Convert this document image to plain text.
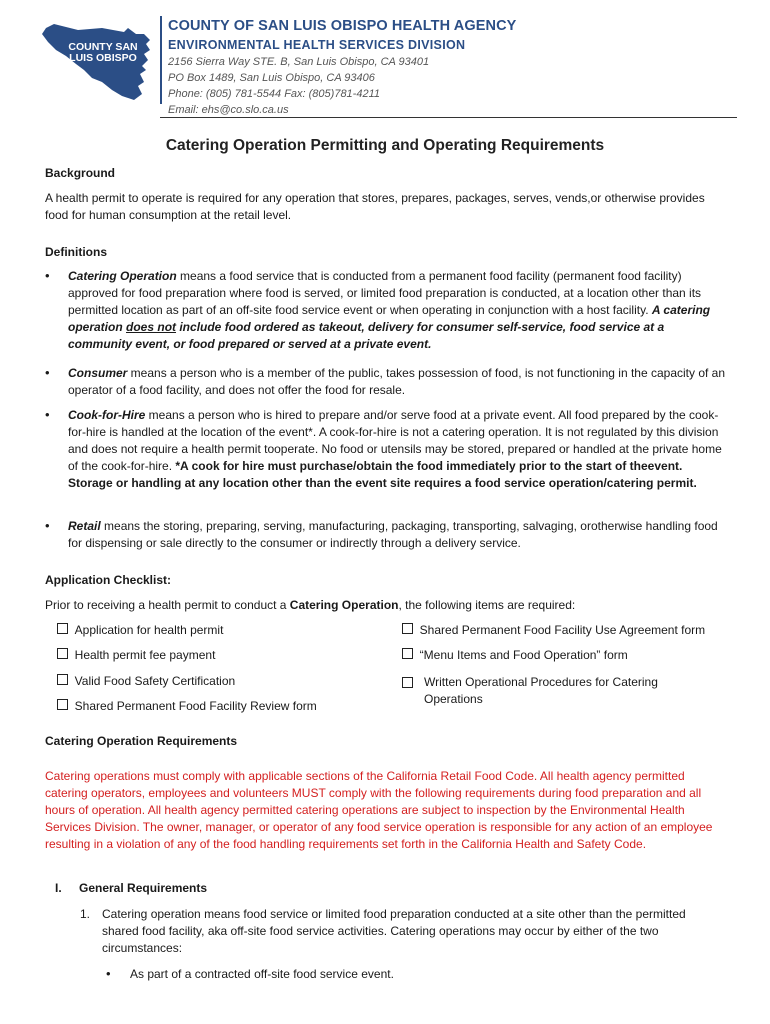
COUNTY SAN LUIS OBISPO
COUNTY OF SAN LUIS OBISPO HEALTH AGENCY
ENVIRONMENTAL HEALTH SERVICES DIVISION
2156 Sierra Way STE. B, San Luis Obispo, CA 93401
PO Box 1489, San Luis Obispo, CA 93406
Phone: (805) 781-5544 Fax: (805)781-4211
Email: ehs@co.slo.ca.us
Catering Operation Permitting and Operating Requirements
Background
A health permit to operate is required for any operation that stores, prepares, packages, serves, vends,or otherwise provides food for human consumption at the retail level.
Definitions
• Catering Operation means a food service that is conducted from a permanent food facility (permanent food facility) approved for food preparation where food is served, or limited food preparation is conducted, at a location other than its permitted location as part of an off-site food service event or when operating in conjunction with a host facility. A catering operation does not include food ordered as takeout, delivery for consumer self-service, food service at a community event, or food prepared or served at a private event.
• Consumer means a person who is a member of the public, takes possession of food, is not functioning in the capacity of an operator of a food facility, and does not offer the food for resale.
• Cook-for-Hire means a person who is hired to prepare and/or serve food at a private event. All food prepared by the cook-for-hire is handled at the location of the event*. A cook-for-hire is not a catering operation. It is not regulated by this division and does not require a health permit tooperate. No food or utensils may be stored, prepared or handled at the private home of the cook-for-hire. *A cook for hire must purchase/obtain the food immediately prior to the start of theevent. Storage or handling at any location other than the event site requires a food service operation/catering permit.
• Retail means the storing, preparing, serving, manufacturing, packaging, transporting, salvaging, orotherwise handling food for dispensing or sale directly to the consumer or indirectly through a delivery service.
Application Checklist:
Prior to receiving a health permit to conduct a Catering Operation, the following items are required:
Application for health permit
Health permit fee payment
Valid Food Safety Certification
Shared Permanent Food Facility Review form
Shared Permanent Food Facility Use Agreement form
“Menu Items and Food Operation” form
Written Operational Procedures for Catering Operations
Catering Operation Requirements
Catering operations must comply with applicable sections of the California Retail Food Code. All health agency permitted catering operators, employees and volunteers MUST comply with the following requirements during food preparation and all hours of operation. All health agency permitted catering operations are subject to inspection by the Environmental Health Services Division. The owner, manager, or operator of any food service operation is responsible for any action of an employee resulting in a violation of any of the food handling requirements set forth in the California Health and Safety Code.
I. General Requirements
1. Catering operation means food service or limited food preparation conducted at a site other than the permitted shared food facility, aka off-site food service activities. Catering operations may occur by either of the two circumstances:
• As part of a contracted off-site food service event.
